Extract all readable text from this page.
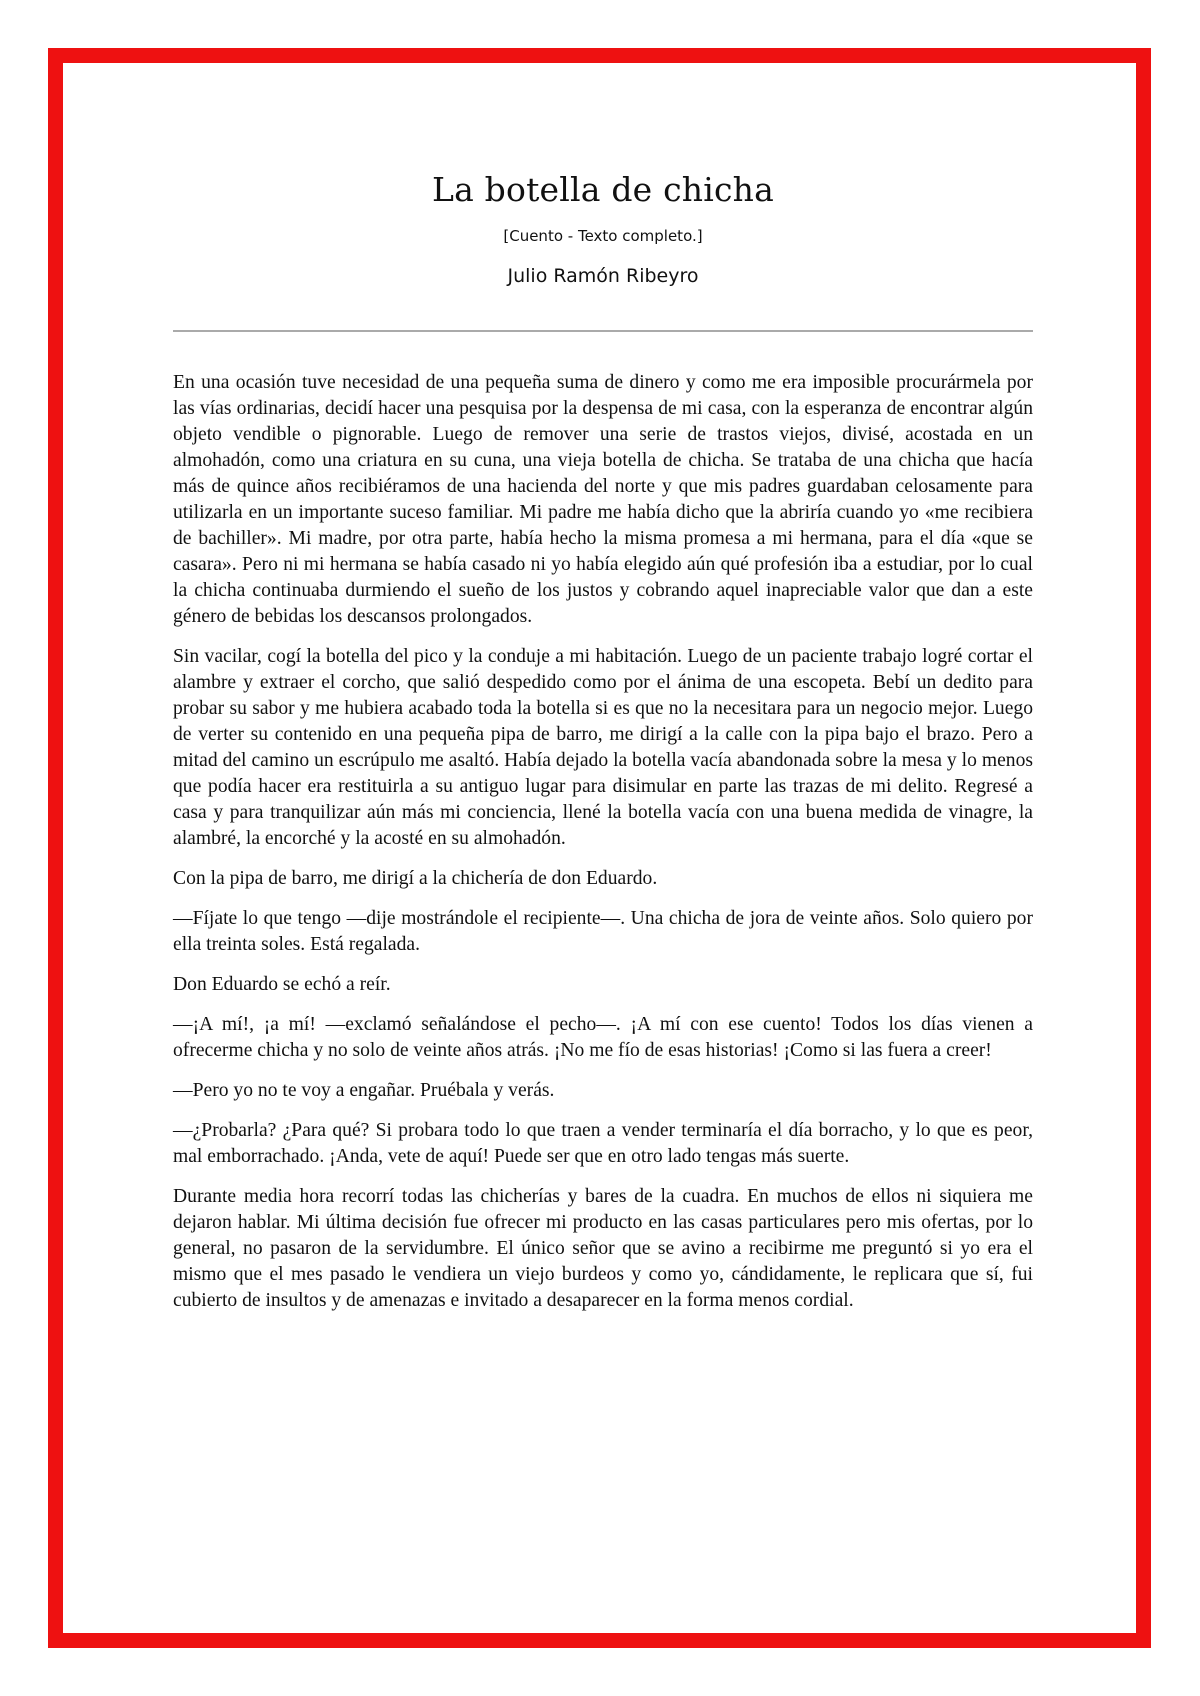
La botella de chicha
[Cuento - Texto completo.]
Julio Ramón Ribeyro

En una ocasión tuve necesidad de una pequeña suma de dinero y como me era imposible procurármela por las vías ordinarias, decidí hacer una pesquisa por la despensa de mi casa, con la esperanza de encontrar algún objeto vendible o pignorable. Luego de remover una serie de trastos viejos, divisé, acostada en un almohadón, como una criatura en su cuna, una vieja botella de chicha. Se trataba de una chicha que hacía más de quince años recibiéramos de una hacienda del norte y que mis padres guardaban celosamente para utilizarla en un importante suceso familiar. Mi padre me había dicho que la abriría cuando yo «me recibiera de bachiller». Mi madre, por otra parte, había hecho la misma promesa a mi hermana, para el día «que se casara». Pero ni mi hermana se había casado ni yo había elegido aún qué profesión iba a estudiar, por lo cual la chicha continuaba durmiendo el sueño de los justos y cobrando aquel inapreciable valor que dan a este género de bebidas los descansos prolongados.

Sin vacilar, cogí la botella del pico y la conduje a mi habitación. Luego de un paciente trabajo logré cortar el alambre y extraer el corcho, que salió despedido como por el ánima de una escopeta. Bebí un dedito para probar su sabor y me hubiera acabado toda la botella si es que no la necesitara para un negocio mejor. Luego de verter su contenido en una pequeña pipa de barro, me dirigí a la calle con la pipa bajo el brazo. Pero a mitad del camino un escrúpulo me asaltó. Había dejado la botella vacía abandonada sobre la mesa y lo menos que podía hacer era restituirla a su antiguo lugar para disimular en parte las trazas de mi delito. Regresé a casa y para tranquilizar aún más mi conciencia, llené la botella vacía con una buena medida de vinagre, la alambré, la encorché y la acosté en su almohadón.

Con la pipa de barro, me dirigí a la chichería de don Eduardo.

—Fíjate lo que tengo —dije mostrándole el recipiente—. Una chicha de jora de veinte años. Solo quiero por ella treinta soles. Está regalada.

Don Eduardo se echó a reír.

—¡A mí!, ¡a mí! —exclamó señalándose el pecho—. ¡A mí con ese cuento! Todos los días vienen a ofrecerme chicha y no solo de veinte años atrás. ¡No me fío de esas historias! ¡Como si las fuera a creer!

—Pero yo no te voy a engañar. Pruébala y verás.

—¿Probarla? ¿Para qué? Si probara todo lo que traen a vender terminaría el día borracho, y lo que es peor, mal emborrachado. ¡Anda, vete de aquí! Puede ser que en otro lado tengas más suerte.

Durante media hora recorrí todas las chicherías y bares de la cuadra. En muchos de ellos ni siquiera me dejaron hablar. Mi última decisión fue ofrecer mi producto en las casas particulares pero mis ofertas, por lo general, no pasaron de la servidumbre. El único señor que se avino a recibirme me preguntó si yo era el mismo que el mes pasado le vendiera un viejo burdeos y como yo, cándidamente, le replicara que sí, fui cubierto de insultos y de amenazas e invitado a desaparecer en la forma menos cordial.
